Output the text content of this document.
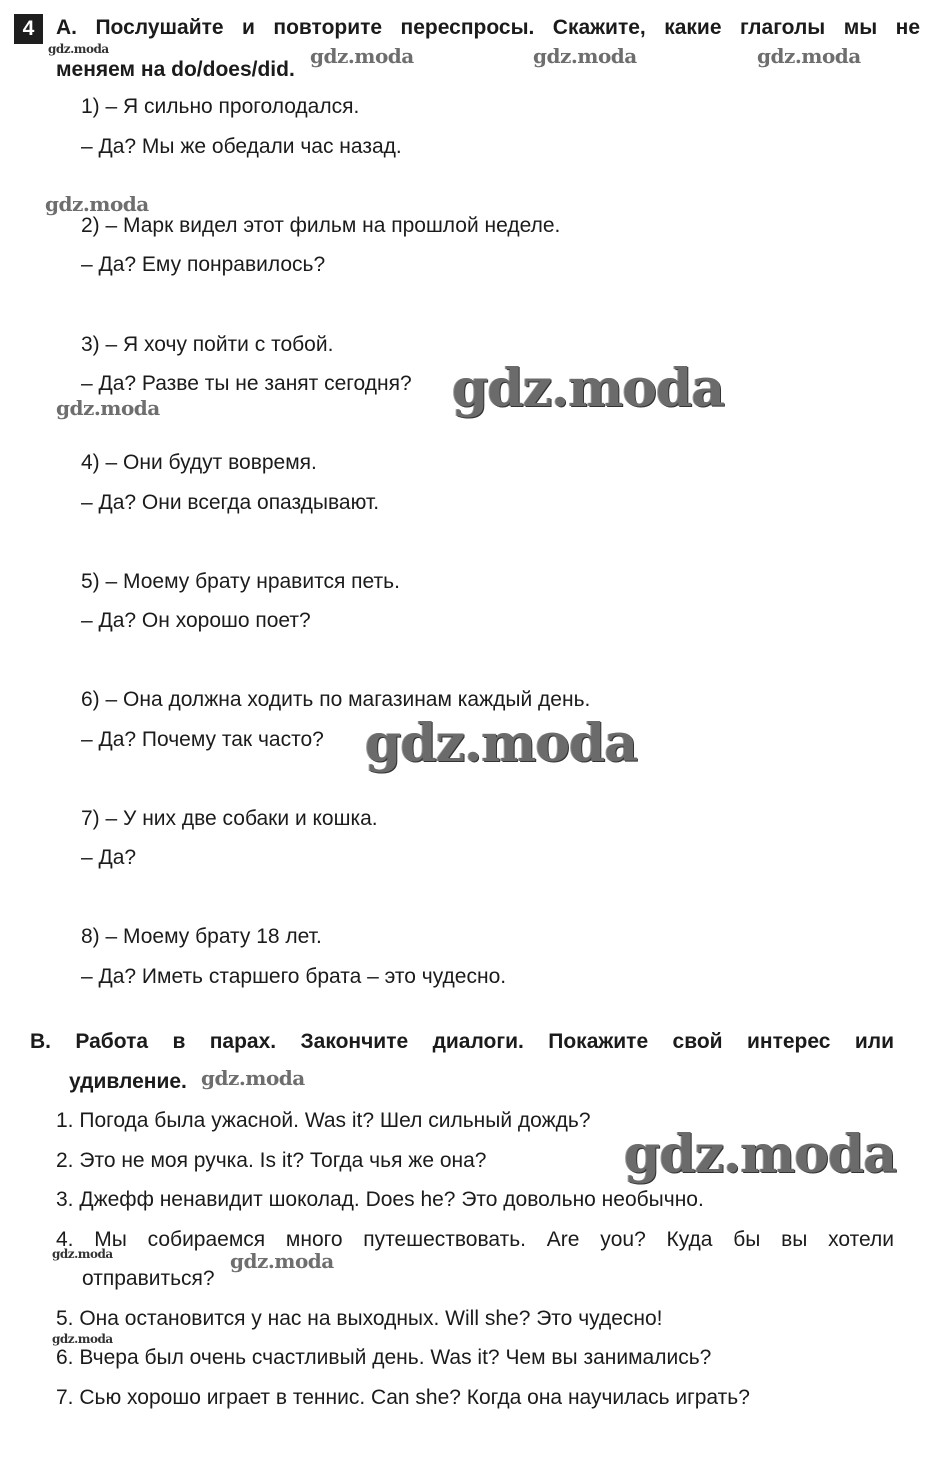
4	А. Послушайте и повторите переспросы. Скажите, какие глаголы мы не
меняем на do/does/did.
1) – Я сильно проголодался.
– Да? Мы же обедали час назад.
2) – Марк видел этот фильм на прошлой неделе.
– Да? Ему понравилось?
3) – Я хочу пойти с тобой.
– Да? Разве ты не занят сегодня?
4) – Они будут вовремя.
– Да? Они всегда опаздывают.
5) – Моему брату нравится петь.
– Да? Он хорошо поет?
6) – Она должна ходить по магазинам каждый день.
– Да? Почему так часто?
7) – У них две собаки и кошка.
– Да?
8) – Моему брату 18 лет.
– Да? Иметь старшего брата – это чудесно.
В. Работа в парах. Закончите диалоги. Покажите свой интерес или
удивление.
1. Погода была ужасной. Was it? Шел сильный дождь?
2. Это не моя ручка. Is it? Тогда чья же она?
3. Джефф ненавидит шоколад. Does he? Это довольно необычно.
4. Мы собираемся много путешествовать. Are you? Куда бы вы хотели
отправиться?
5. Она остановится у нас на выходных. Will she? Это чудесно!
6. Вчера был очень счастливый день. Was it? Чем вы занимались?
7. Сью хорошо играет в теннис. Can she? Когда она научилась играть?
gdz.moda	gdz.moda	gdz.moda	gdz.moda
gdz.moda
gdz.moda	gdz.moda
gdz.moda
gdz.moda
gdz.moda
gdz.moda	gdz.moda
gdz.moda
